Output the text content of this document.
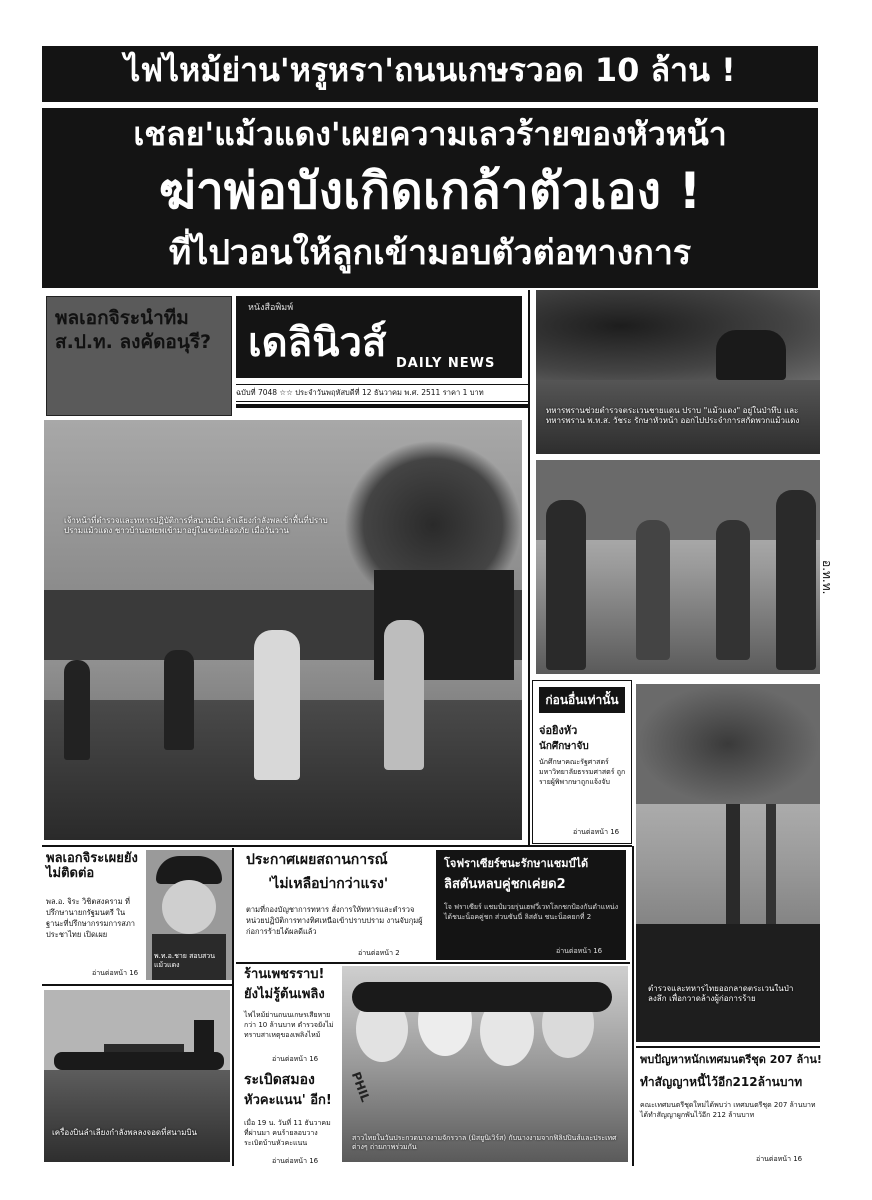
ไฟไหม้ย่าน'หรูหรา'ถนนเกษรวอด 10 ล้าน !
เชลย'แม้วแดง'เผยความเลวร้ายของหัวหน้า
ฆ่าพ่อบังเกิดเกล้าตัวเอง !
ที่ไปวอนให้ลูกเข้ามอบตัวต่อทางการ
พลเอกจิระนำทีม ส.ป.ท. ลงคัดอนุรี?
หนังสือพิมพ์
เดลินิวส์ DAILY NEWS
ฉบับที่ 7048 ☆☆ ประจำวันพฤหัสบดีที่ 12 ธันวาคม พ.ศ. 2511 ราคา 1 บาท
ทหารพรานช่วยตำรวจตระเวนชายแดน ปราบ "แม้วแดง" อยู่ในป่าทึบ และทหารพราน พ.ท.ส. วัชระ รักษาหัวหน้า ออกไปประจำการสกัดพวกแม้วแดง
เจ้าหน้าที่ตำรวจและทหารปฏิบัติการที่สนามบิน ลำเลียงกำลังพลเข้าพื้นที่ปราบปรามแม้วแดง ชาวบ้านอพยพเข้ามาอยู่ในเขตปลอดภัย เมื่อวันวาน
อ.ท.ท.
ก่อนอื่นเท่านั้น
จ่อยิงหัว
นักศึกษาจับ
นักศึกษาคณะรัฐศาสตร์ มหาวิทยาลัยธรรมศาสตร์ ถูกรายผู้พิพากษาถูกแจ้งจับ
อ่านต่อหน้า 16
ตำรวจและทหารไทยออกลาดตระเวนในป่าลงลึก เพื่อกวาดล้างผู้ก่อการร้าย
พลเอกจิระเผยยังไม่ติดต่อ
พล.อ. จิระ วิชิตสงคราม ที่ปรึกษานายกรัฐมนตรี ในฐานะที่ปรึกษากรรมการสภาประชาไทย เปิดเผย
อ่านต่อหน้า 16
พ.ท.อ.ชาย สอบสวนแม้วแดง
ประกาศเผยสถานการณ์
'ไม่เหลือบ่ากว่าแรง'
ตามที่กองบัญชาการทหาร สั่งการให้ทหารและตำรวจหน่วยปฏิบัติการทางทิศเหนือเข้าปราบปราม งานจับกุมผู้ก่อการร้ายได้ผลดีแล้ว
อ่านต่อหน้า 2
โจฟราเซียร์ชนะรักษาแชมป์ได้
ลิสตันหลบคู่ชกเค่ยด2
โจ ฟราเซียร์ แชมป์มวยรุ่นเฮฟวี่เวทโลกชกป้องกันตำแหน่งได้ชนะน็อคคู่ชก ส่วนซันนี่ ลิสตัน ชนะน็อคยกที่ 2
อ่านต่อหน้า 16
เครื่องบินลำเลียงกำลังพลลงจอดที่สนามบิน
ร้านเพชรราบ!
ยังไม่รู้ต้นเพลิง
ไฟไหม้ย่านถนนเกษรเสียหายกว่า 10 ล้านบาท ตำรวจยังไม่ทราบสาเหตุของเพลิงไหม้
อ่านต่อหน้า 16
ระเบิดสมอง
หัวคะแนน' อีก!
เมื่อ 19 น. วันที่ 11 ธันวาคม ที่ผ่านมา คนร้ายลอบวางระเบิดบ้านหัวคะแนน
อ่านต่อหน้า 16
PHIL
สาวไทยในวันประกวดนางงามจักรวาล (มิสยูนิเวิร์ส) กับนางงามจากฟิลิปปินส์และประเทศต่างๆ ถ่ายภาพร่วมกัน
พบปัญหาหนักเทศมนตรีชุด 207 ล้าน!
ทำสัญญาหนี้ไว้อีก212ล้านบาท
คณะเทศมนตรีชุดใหม่ได้พบว่า เทศมนตรีชุด 207 ล้านบาท ได้ทำสัญญาผูกพันไว้อีก 212 ล้านบาท
อ่านต่อหน้า 16
